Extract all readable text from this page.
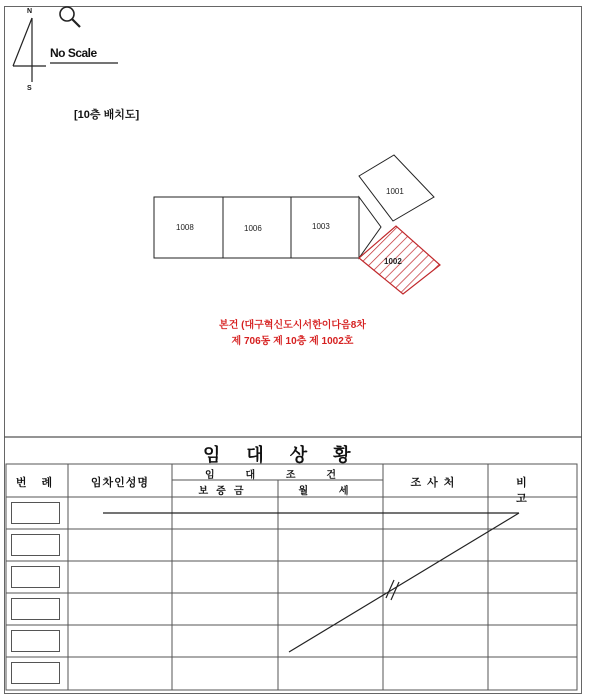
N
S
No Scale
[10층 배치도]
1008	1006	1003
1001
1002
본건 (대구혁신도시서한이다음8차
제 706동 제 10층 제 1002호
임대상황
번 례	임차인성명
임 대 조 건
보증금	월 세
조사처	비 고
